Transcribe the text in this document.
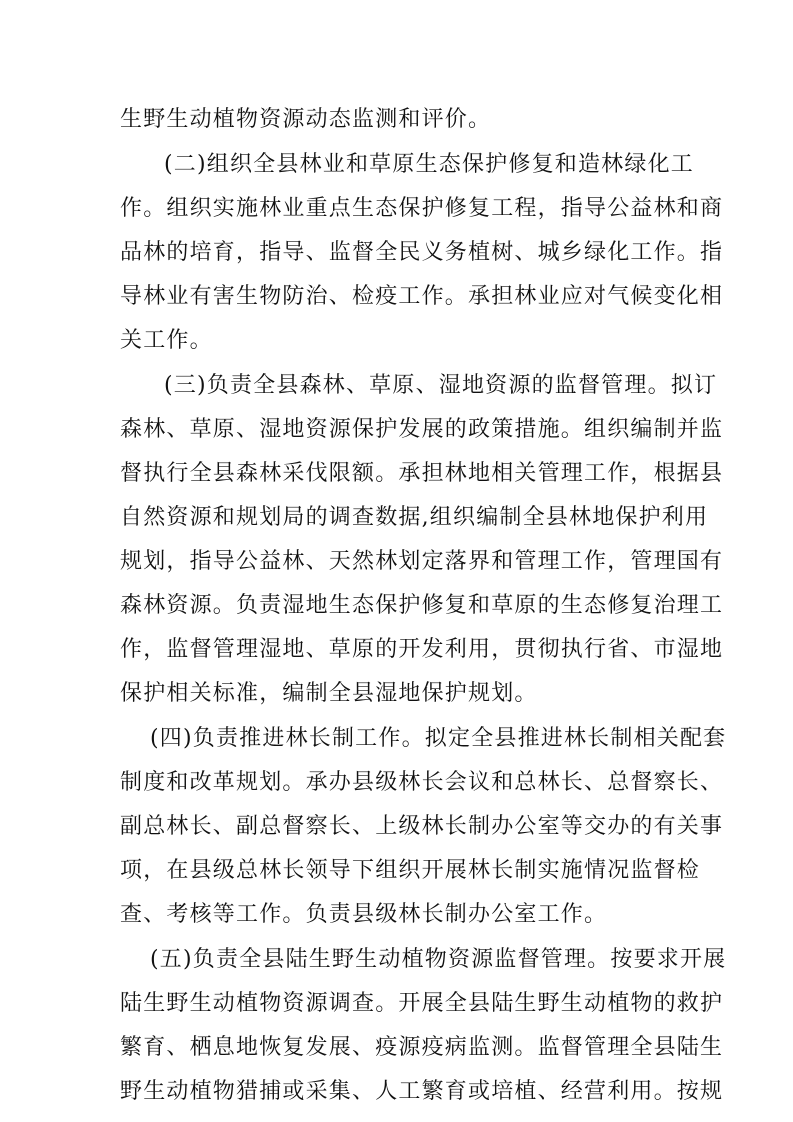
生野生动植物资源动态监测和评价。
(二)组织全县林业和草原生态保护修复和造林绿化工
作。组织实施林业重点生态保护修复工程，指导公益林和商
品林的培育，指导、监督全民义务植树、城乡绿化工作。指
导林业有害生物防治、检疫工作。承担林业应对气候变化相
关工作。
(三)负责全县森林、草原、湿地资源的监督管理。拟订
森林、草原、湿地资源保护发展的政策措施。组织编制并监
督执行全县森林采伐限额。承担林地相关管理工作，根据县
自然资源和规划局的调查数据,组织编制全县林地保护利用
规划，指导公益林、天然林划定落界和管理工作，管理国有
森林资源。负责湿地生态保护修复和草原的生态修复治理工
作，监督管理湿地、草原的开发利用，贯彻执行省、市湿地
保护相关标准，编制全县湿地保护规划。
(四)负责推进林长制工作。拟定全县推进林长制相关配套
制度和改革规划。承办县级林长会议和总林长、总督察长、
副总林长、副总督察长、上级林长制办公室等交办的有关事
项，在县级总林长领导下组织开展林长制实施情况监督检
查、考核等工作。负责县级林长制办公室工作。
(五)负责全县陆生野生动植物资源监督管理。按要求开展
陆生野生动植物资源调查。开展全县陆生野生动植物的救护
繁育、栖息地恢复发展、疫源疫病监测。监督管理全县陆生
野生动植物猎捕或采集、人工繁育或培植、经营利用。按规
